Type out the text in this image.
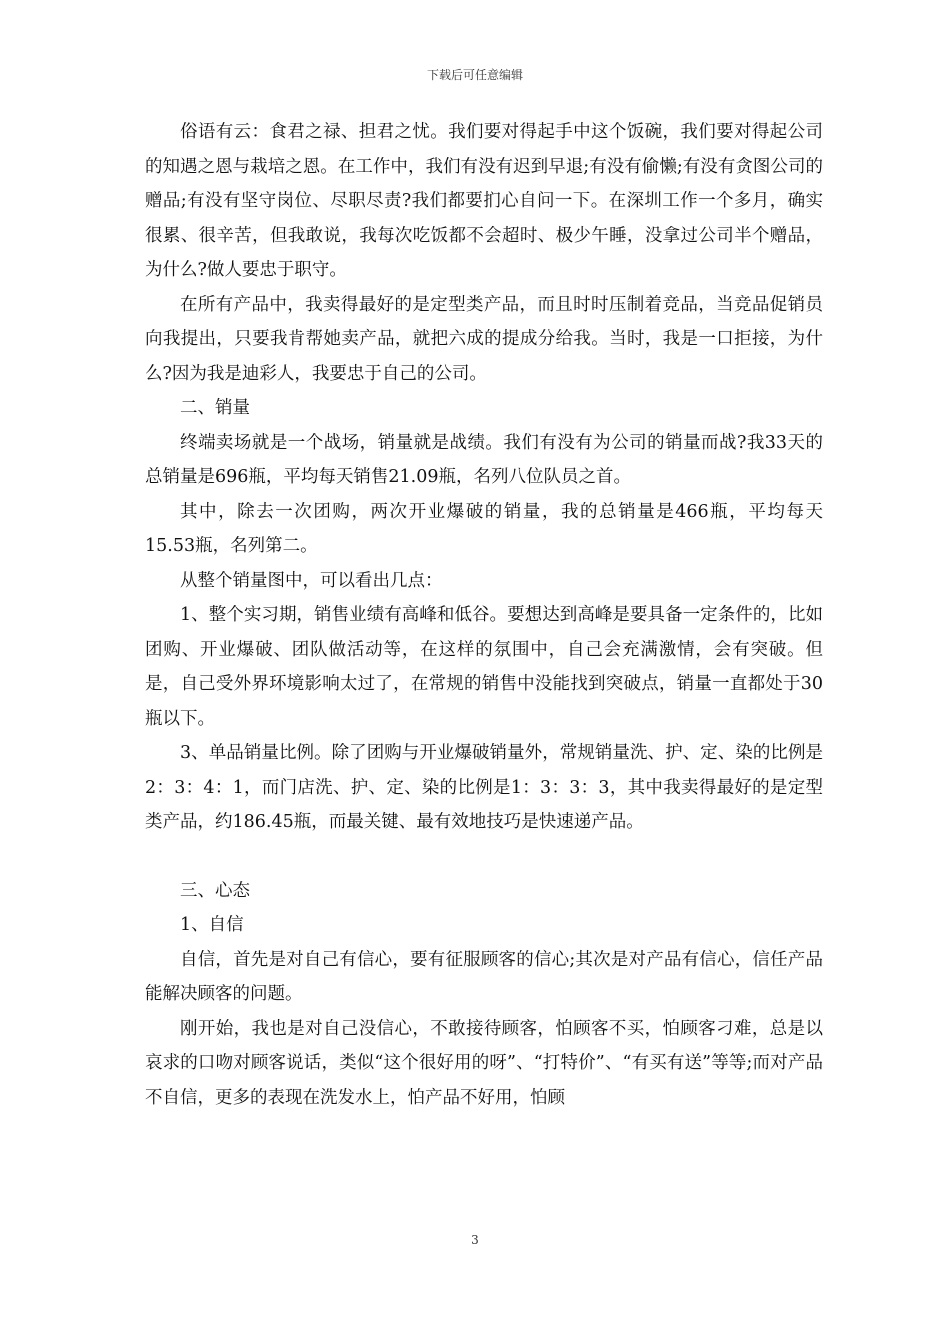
下载后可任意编辑

俗语有云：食君之禄、担君之忧。我们要对得起手中这个饭碗，我们要对得起公司的知遇之恩与栽培之恩。在工作中，我们有没有迟到早退;有没有偷懒;有没有贪图公司的赠品;有没有坚守岗位、尽职尽责?我们都要扪心自问一下。在深圳工作一个多月，确实很累、很辛苦，但我敢说，我每次吃饭都不会超时、极少午睡，没拿过公司半个赠品，为什么?做人要忠于职守。

在所有产品中，我卖得最好的是定型类产品，而且时时压制着竞品，当竞品促销员向我提出，只要我肯帮她卖产品，就把六成的提成分给我。当时，我是一口拒接，为什么?因为我是迪彩人，我要忠于自己的公司。

二、销量

终端卖场就是一个战场，销量就是战绩。我们有没有为公司的销量而战?我33天的总销量是696瓶，平均每天销售21.09瓶，名列八位队员之首。

其中，除去一次团购，两次开业爆破的销量，我的总销量是466瓶，平均每天15.53瓶，名列第二。

从整个销量图中，可以看出几点：

1、整个实习期，销售业绩有高峰和低谷。要想达到高峰是要具备一定条件的，比如团购、开业爆破、团队做活动等，在这样的氛围中，自己会充满激情，会有突破。但是，自己受外界环境影响太过了，在常规的销售中没能找到突破点，销量一直都处于30瓶以下。

3、单品销量比例。除了团购与开业爆破销量外，常规销量洗、护、定、染的比例是2：3：4：1，而门店洗、护、定、染的比例是1：3：3：3，其中我卖得最好的是定型类产品，约186.45瓶，而最关键、最有效地技巧是快速递产品。

三、心态

1、自信

自信，首先是对自己有信心，要有征服顾客的信心;其次是对产品有信心，信任产品能解决顾客的问题。

刚开始，我也是对自己没信心，不敢接待顾客，怕顾客不买，怕顾客刁难，总是以哀求的口吻对顾客说话，类似“这个很好用的呀”、“打特价”、“有买有送”等等;而对产品不自信，更多的表现在洗发水上，怕产品不好用，怕顾

3
